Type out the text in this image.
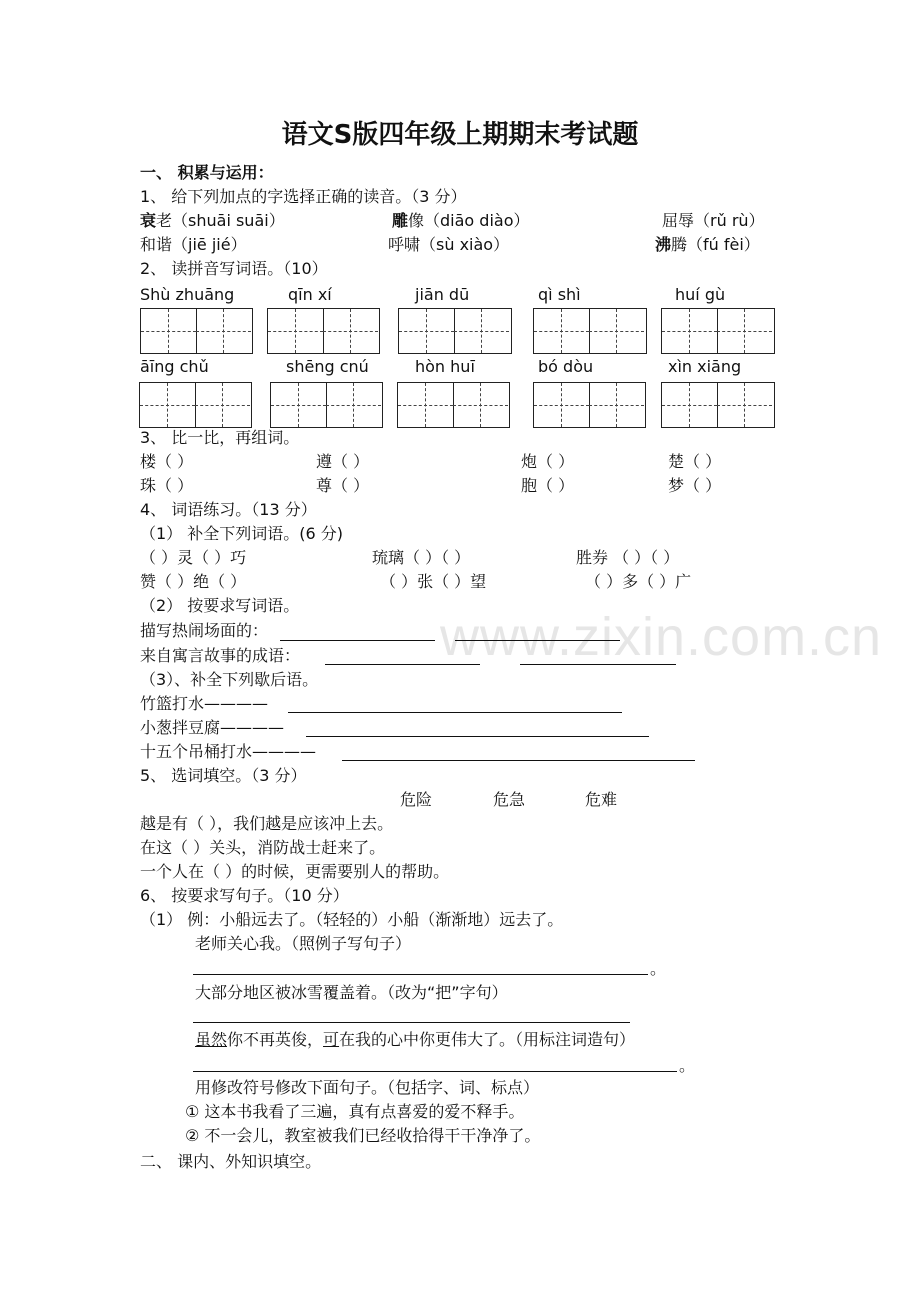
www.zixin.com.cn
语文S版四年级上期期末考试题
一、 积累与运用：
1、 给下列加点的字选择正确的读音。（3 分）
衰老（shuāi suāi）	雕像（diāo diào）	屈辱（rǔ rù）
和谐（jiē jié）	呼啸（sù xiào）	沸腾（fú fèi）
2、 读拼音写词语。（10）
Shù zhuāng	qīn xí	jiān dū	qì shì	huí gù
āīng chǔ	shēng cnú	hòn huī	bó dòu	xìn xiāng
3、 比一比，再组词。
楼（ ）	遵（ ）	炮（ ）	楚（ ）
珠（ ）	尊（ ）	胞（ ）	梦（ ）
4、 词语练习。（13 分）
（1） 补全下列词语。(6 分)
（ ）灵（ ）巧	琉璃（ ）（ ）	胜券 （ ）（ ）
赞（ ）绝（ ）	（ ）张（ ）望	（ ）多（ ）广
（2） 按要求写词语。
描写热闹场面的：
来自寓言故事的成语：
（3）、补全下列歇后语。
竹篮打水————
小葱拌豆腐————
十五个吊桶打水————
5、 选词填空。（3 分）
危险	危急	危难
越是有（ ），我们越是应该冲上去。
在这（ ）关头，消防战士赶来了。
一个人在（ ）的时候，更需要别人的帮助。
6、 按要求写句子。（10 分）
（1） 例：小船远去了。（轻轻的）小船（渐渐地）远去了。
老师关心我。（照例子写句子）
。
大部分地区被冰雪覆盖着。（改为“把”字句）
虽然你不再英俊，可在我的心中你更伟大了。（用标注词造句）
。
用修改符号修改下面句子。（包括字、词、标点）
① 这本书我看了三遍，真有点喜爱的爱不释手。
② 不一会儿，教室被我们已经收拾得干干净净了。
二、 课内、外知识填空。
